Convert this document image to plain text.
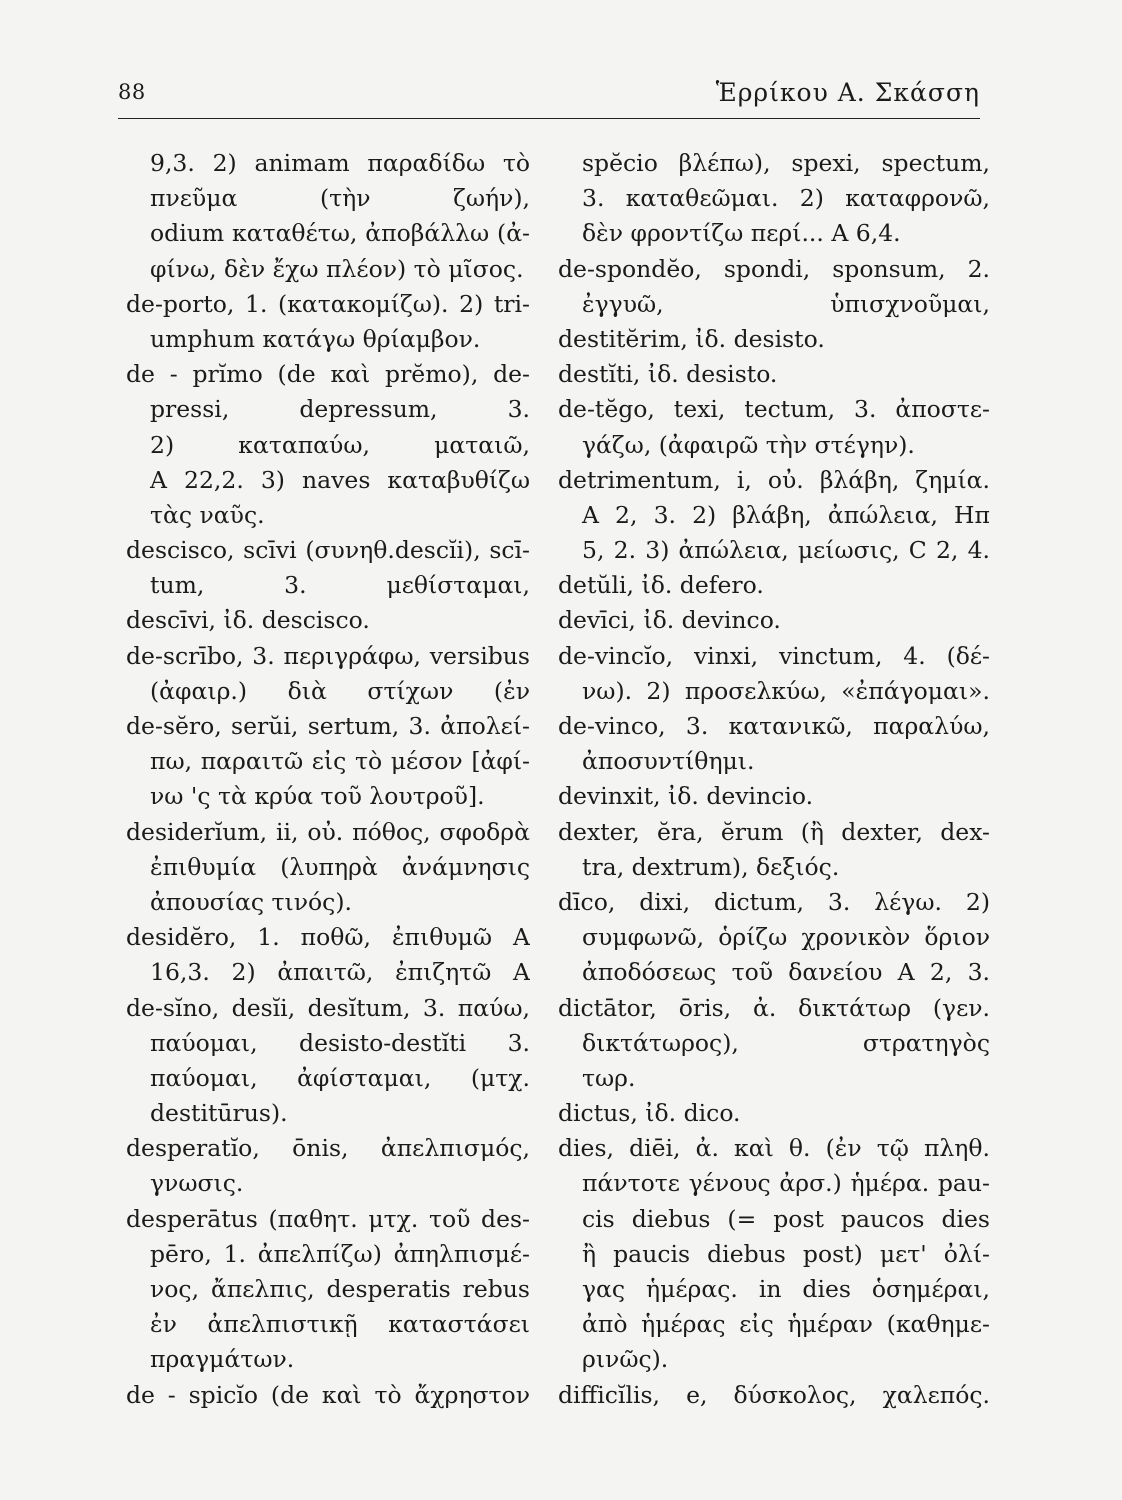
88	Ἑρρίκου Α. Σκάσση
9,3. 2) animam παραδίδω τὸ
πνεῦμα (τὴν ζωήν),
odium καταθέτω, ἀποβάλλω (ἀ-
φίνω, δὲν ἔχω πλέον) τὸ μῖσος.
de-porto, 1. (κατακομίζω). 2) tri-
umphum κατάγω θρίαμβον.
de - prĭmo (de καὶ prĕmo), de-
pressi, depressum, 3.
2) καταπαύω, ματαιῶ,
Α 22,2. 3) naves καταβυθίζω
τὰς ναῦς.
descisco, scīvi (συνηθ.descĭi), scī-
tum, 3. μεθίσταμαι,
descīvi, ἰδ. descisco.
de-scrībo, 3. περιγράφω, versibus
(ἀφαιρ.) διὰ στίχων (ἐν
de-sĕro, serŭi, sertum, 3. ἀπολεί-
πω, παραιτῶ εἰς τὸ μέσον [ἀφί-
νω 'ς τὰ κρύα τοῦ λουτροῦ].
desiderĭum, ii, οὐ. πόθος, σφοδρὰ
ἐπιθυμία (λυπηρὰ ἀνάμνησις
ἀπουσίας τινός).
desidĕro, 1. ποθῶ, ἐπιθυμῶ Α
16,3. 2) ἀπαιτῶ, ἐπιζητῶ Α
de-sĭno, desĭi, desĭtum, 3. παύω,
παύομαι, desisto-destĭti 3.
παύομαι, ἀφίσταμαι, (μτχ.
destitūrus).
desperatĭo, ōnis, ἀπελπισμός,
γνωσις.
desperātus (παθητ. μτχ. τοῦ des-
pēro, 1. ἀπελπίζω) ἀπηλπισμέ-
νος, ἄπελπις, desperatis rebus
ἐν ἀπελπιστικῇ καταστάσει
πραγμάτων.
de - spicĭo (de καὶ τὸ ἄχρηστον
spĕcio βλέπω), spexi, spectum,
3. καταθεῶμαι. 2) καταφρονῶ,
δὲν φροντίζω περί... Α 6,4.
de-spondĕo, spondi, sponsum, 2.
ἐγγυῶ, ὑπισχνοῦμαι,
destitĕrim, ἰδ. desisto.
destĭti, ἰδ. desisto.
de-tĕgo, texi, tectum, 3. ἀποστε-
γάζω, (ἀφαιρῶ τὴν στέγην).
detrimentum, i, οὐ. βλάβη, ζημία.
Α 2, 3. 2) βλάβη, ἀπώλεια, Ηπ
5, 2. 3) ἀπώλεια, μείωσις, C 2, 4.
detŭli, ἰδ. defero.
devīci, ἰδ. devinco.
de-vincĭo, vinxi, vinctum, 4. (δέ-
νω). 2) προσελκύω, «ἐπάγομαι».
de-vinco, 3. κατανικῶ, παραλύω,
ἀποσυντίθημι.
devinxit, ἰδ. devincio.
dexter, ĕra, ĕrum (ἢ dexter, dex-
tra, dextrum), δεξιός.
dīco, dixi, dictum, 3. λέγω. 2)
συμφωνῶ, ὁρίζω χρονικὸν ὅριον
ἀποδόσεως τοῦ δανείου Α 2, 3.
dictātor, ōris, ἀ. δικτάτωρ (γεν.
δικτάτωρος), στρατηγὸς
τωρ.
dictus, ἰδ. dico.
dies, diēi, ἀ. καὶ θ. (ἐν τῷ πληθ.
πάντοτε γένους ἀρσ.) ἡμέρα. pau-
cis diebus (= post paucos dies
ἢ paucis diebus post) μετ' ὀλί-
γας ἡμέρας. in dies ὁσημέραι,
ἀπὸ ἡμέρας εἰς ἡμέραν (καθημε-
ρινῶς).
difficĭlis, e, δύσκολος, χαλεπός.
